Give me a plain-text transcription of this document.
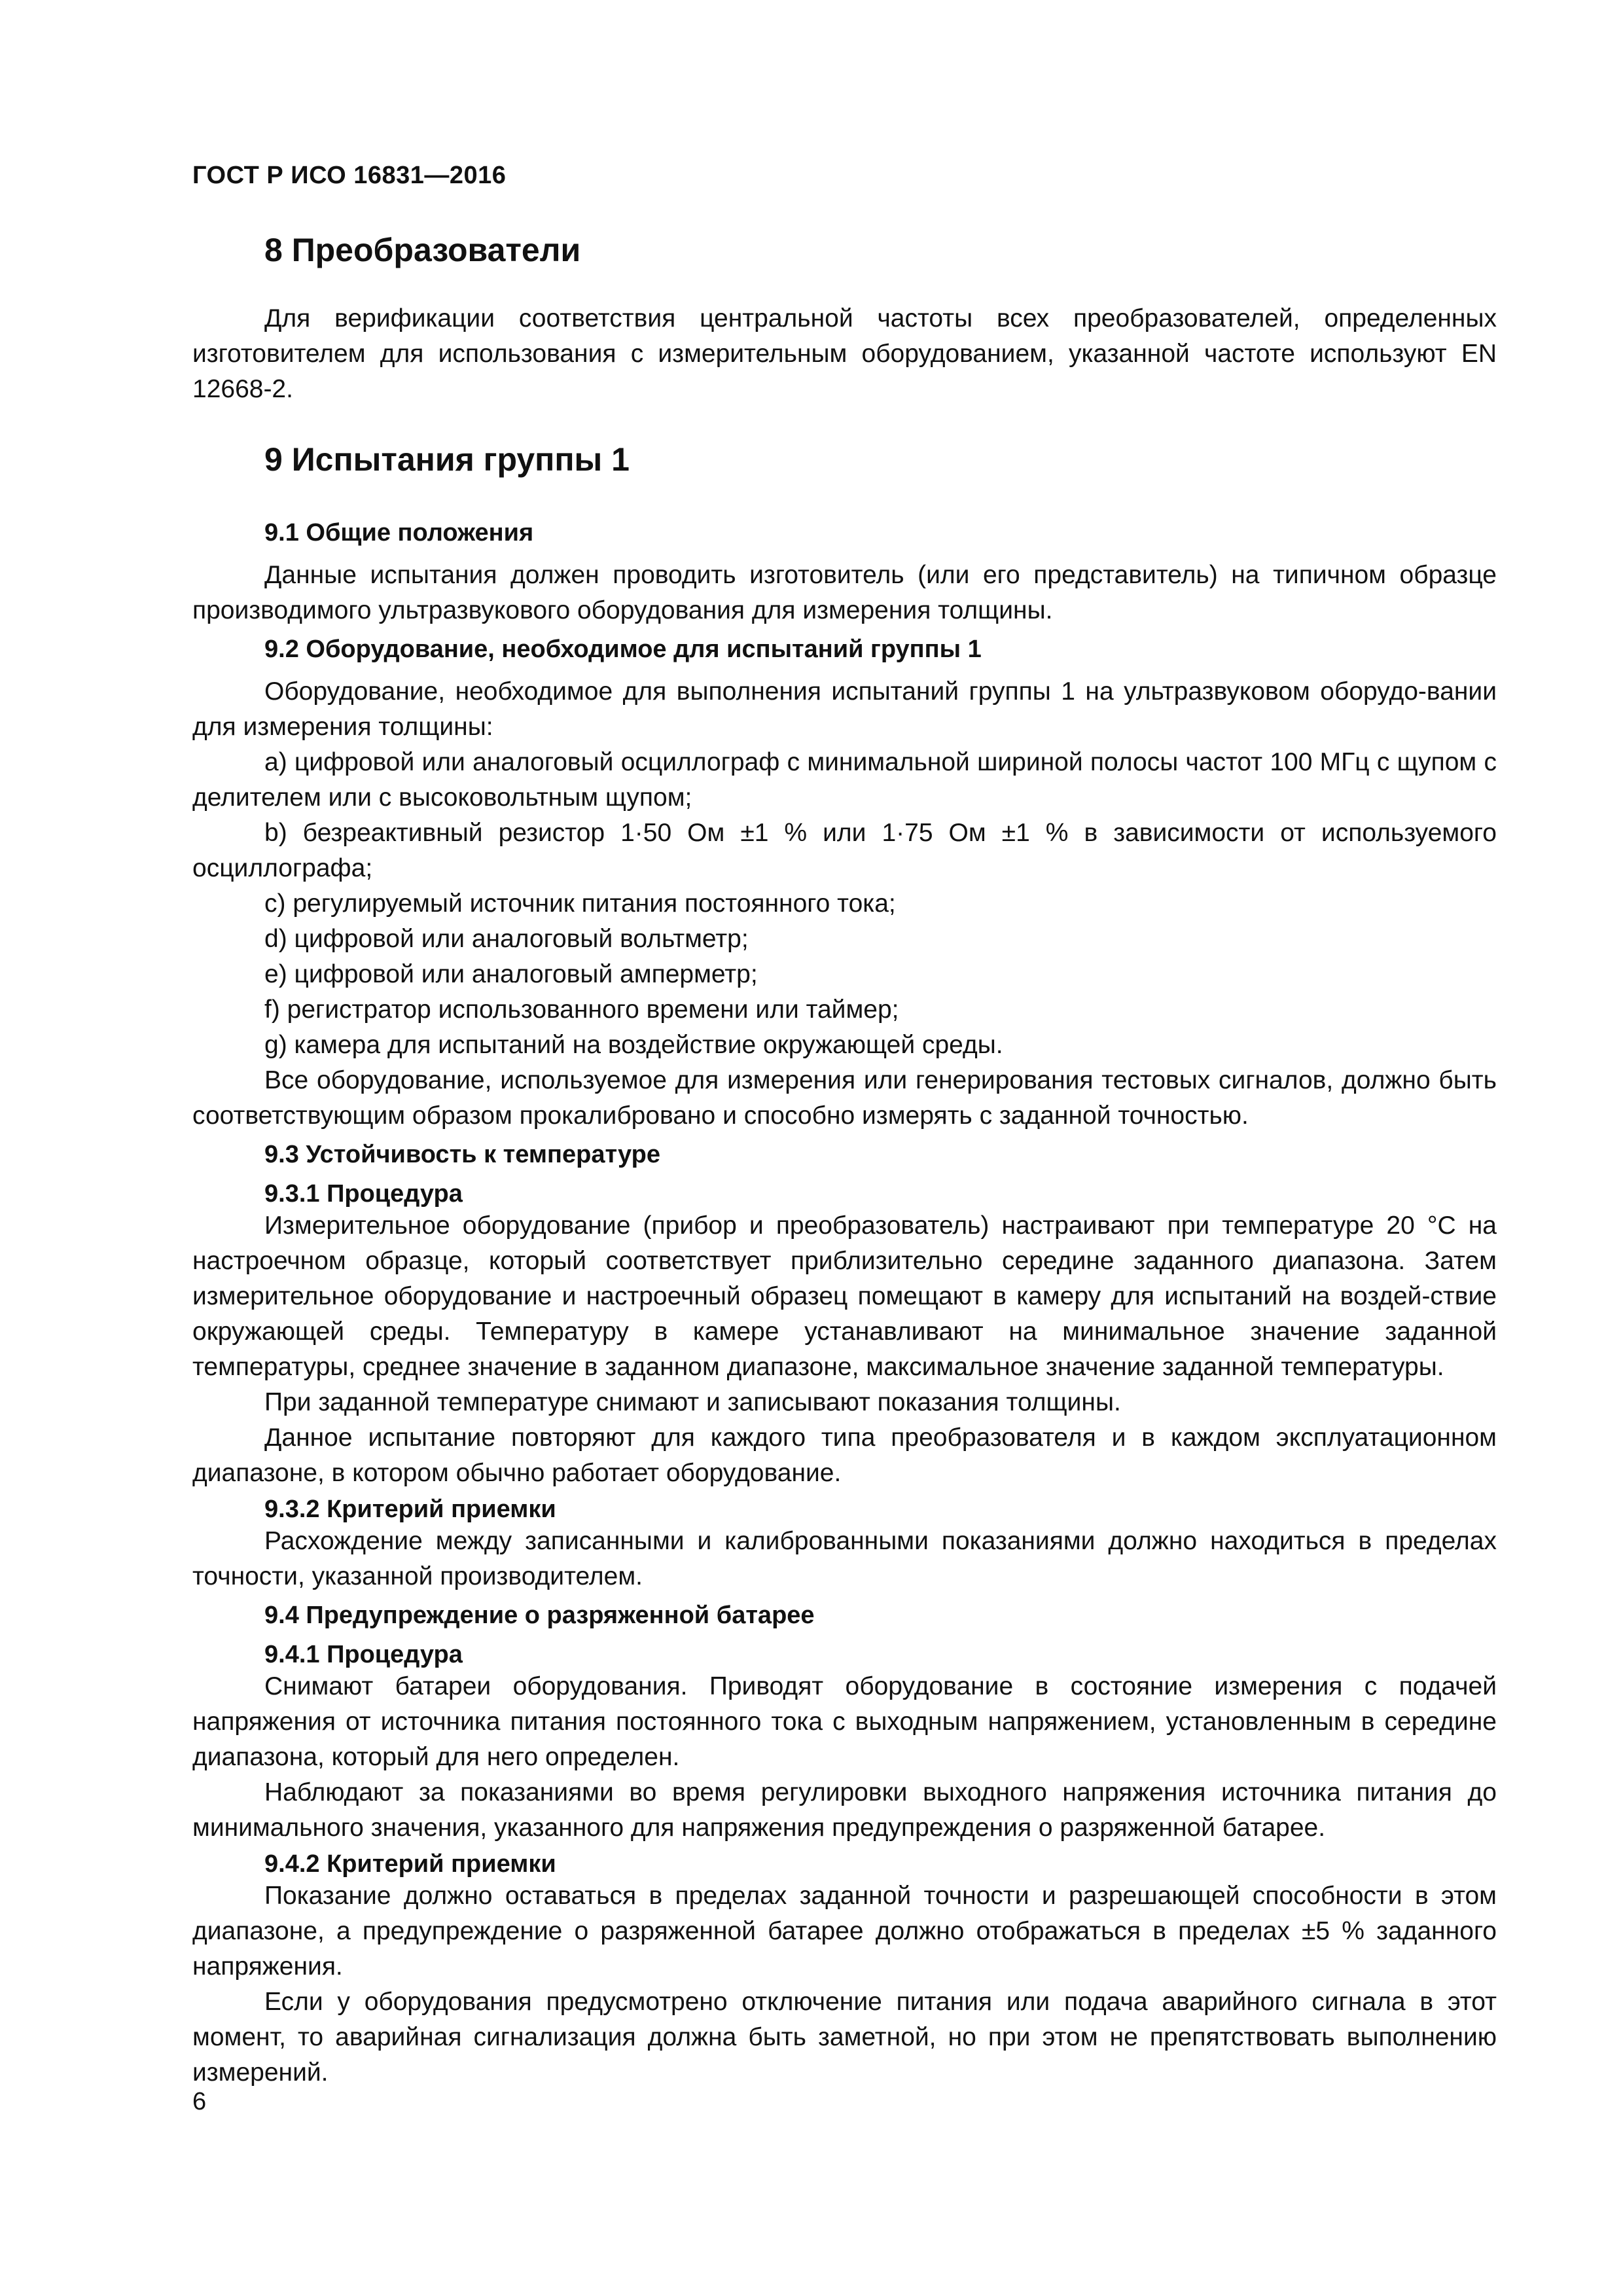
ГОСТ Р ИСО 16831—2016
8 Преобразователи

Для верификации соответствия центральной частоты всех преобразователей, определенных изготовителем для использования с измерительным оборудованием, указанной частоте используют EN 12668-2.

9 Испытания группы 1
9.1 Общие положения

Данные испытания должен проводить изготовитель (или его представитель) на типичном образце производимого ультразвукового оборудования для измерения толщины.

9.2 Оборудование, необходимое для испытаний группы 1

Оборудование, необходимое для выполнения испытаний группы 1 на ультразвуковом оборудо-вании для измерения толщины:

a) цифровой или аналоговый осциллограф с минимальной шириной полосы частот 100 МГц с щупом с делителем или с высоковольтным щупом;

b) безреактивный резистор 1·50 Ом ±1 % или 1·75 Ом ±1 % в зависимости от используемого осциллографа;

c) регулируемый источник питания постоянного тока;

d) цифровой или аналоговый вольтметр;

e) цифровой или аналоговый амперметр;

f) регистратор использованного времени или таймер;

g) камера для испытаний на воздействие окружающей среды.

Все оборудование, используемое для измерения или генерирования тестовых сигналов, должно быть соответствующим образом прокалибровано и способно измерять с заданной точностью.

9.3 Устойчивость к температуре
9.3.1 Процедура

Измерительное оборудование (прибор и преобразователь) настраивают при температуре 20 °С на настроечном образце, который соответствует приблизительно середине заданного диапазона. Затем измерительное оборудование и настроечный образец помещают в камеру для испытаний на воздей-ствие окружающей среды. Температуру в камере устанавливают на минимальное значение заданной температуры, среднее значение в заданном диапазоне, максимальное значение заданной температуры.

При заданной температуре снимают и записывают показания толщины.

Данное испытание повторяют для каждого типа преобразователя и в каждом эксплуатационном диапазоне, в котором обычно работает оборудование.

9.3.2 Критерий приемки

Расхождение между записанными и калиброванными показаниями должно находиться в пределах точности, указанной производителем.

9.4 Предупреждение о разряженной батарее
9.4.1 Процедура

Снимают батареи оборудования. Приводят оборудование в состояние измерения с подачей напряжения от источника питания постоянного тока с выходным напряжением, установленным в середине диапазона, который для него определен.

Наблюдают за показаниями во время регулировки выходного напряжения источника питания до минимального значения, указанного для напряжения предупреждения о разряженной батарее.

9.4.2 Критерий приемки

Показание должно оставаться в пределах заданной точности и разрешающей способности в этом диапазоне, а предупреждение о разряженной батарее должно отображаться в пределах ±5 % заданного напряжения.

Если у оборудования предусмотрено отключение питания или подача аварийного сигнала в этот момент, то аварийная сигнализация должна быть заметной, но при этом не препятствовать выполнению измерений.

6
